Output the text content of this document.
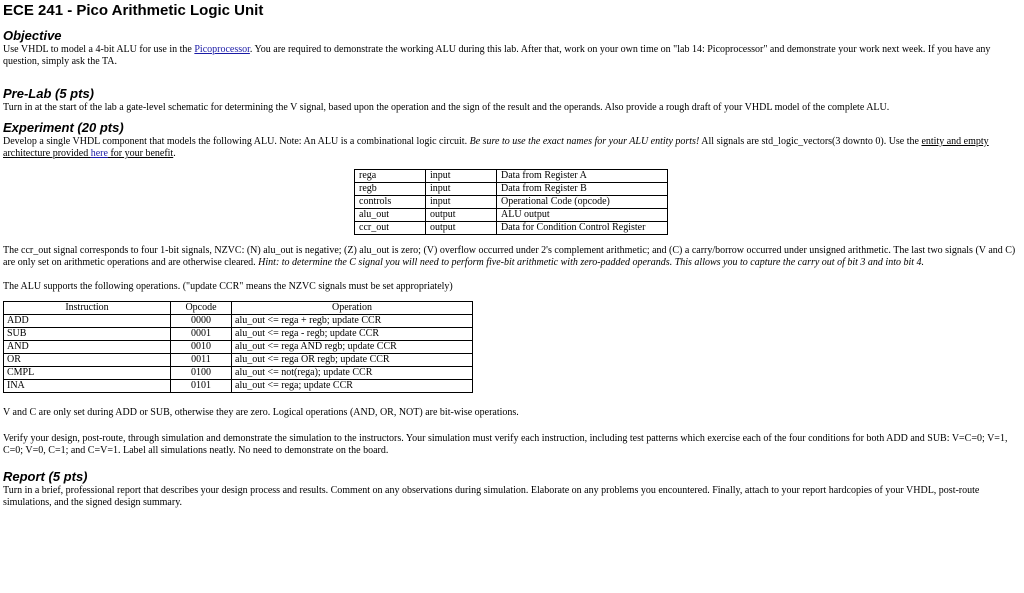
ECE 241 - Pico Arithmetic Logic Unit
Objective

Use VHDL to model a 4-bit ALU for use in the Picoprocessor. You are required to demonstrate the working ALU during this lab. After that, work on your own time on "lab 14: Picoprocessor" and demonstrate your work next week. If you have any question, simply ask the TA.

Pre-Lab (5 pts)

Turn in at the start of the lab a gate-level schematic for determining the V signal, based upon the operation and the sign of the result and the operands. Also provide a rough draft of your VHDL model of the complete ALU.

Experiment (20 pts)

Develop a single VHDL component that models the following ALU. Note: An ALU is a combinational logic circuit. Be sure to use the exact names for your ALU entity ports! All signals are std_logic_vectors(3 downto 0). Use the entity and empty architecture provided here for your benefit.

rega	input	Data from Register A
regb	input	Data from Register B
controls	input	Operational Code (opcode)
alu_out	output	ALU output
ccr_out	output	Data for Condition Control Register

The ccr_out signal corresponds to four 1-bit signals, NZVC: (N) alu_out is negative; (Z) alu_out is zero; (V) overflow occurred under 2's complement arithmetic; and (C) a carry/borrow occurred under unsigned arithmetic. The last two signals (V and C) are only set on arithmetic operations and are otherwise cleared. Hint: to determine the C signal you will need to perform five-bit arithmetic with zero-padded operands. This allows you to capture the carry out of bit 3 and into bit 4.

The ALU supports the following operations. ("update CCR" means the NZVC signals must be set appropriately)

Instruction	Opcode	Operation
ADD	0000	alu_out <= rega + regb; update CCR
SUB	0001	alu_out <= rega - regb; update CCR
AND	0010	alu_out <= rega AND regb; update CCR
OR	0011	alu_out <= rega OR regb; update CCR
CMPL	0100	alu_out <= not(rega); update CCR
INA	0101	alu_out <= rega; update CCR

V and C are only set during ADD or SUB, otherwise they are zero. Logical operations (AND, OR, NOT) are bit-wise operations.

Verify your design, post-route, through simulation and demonstrate the simulation to the instructors. Your simulation must verify each instruction, including test patterns which exercise each of the four conditions for both ADD and SUB: V=C=0; V=1, C=0; V=0, C=1; and C=V=1. Label all simulations neatly. No need to demonstrate on the board.

Report (5 pts)

Turn in a brief, professional report that describes your design process and results. Comment on any observations during simulation. Elaborate on any problems you encountered. Finally, attach to your report hardcopies of your VHDL, post-route simulations, and the signed design summary.
